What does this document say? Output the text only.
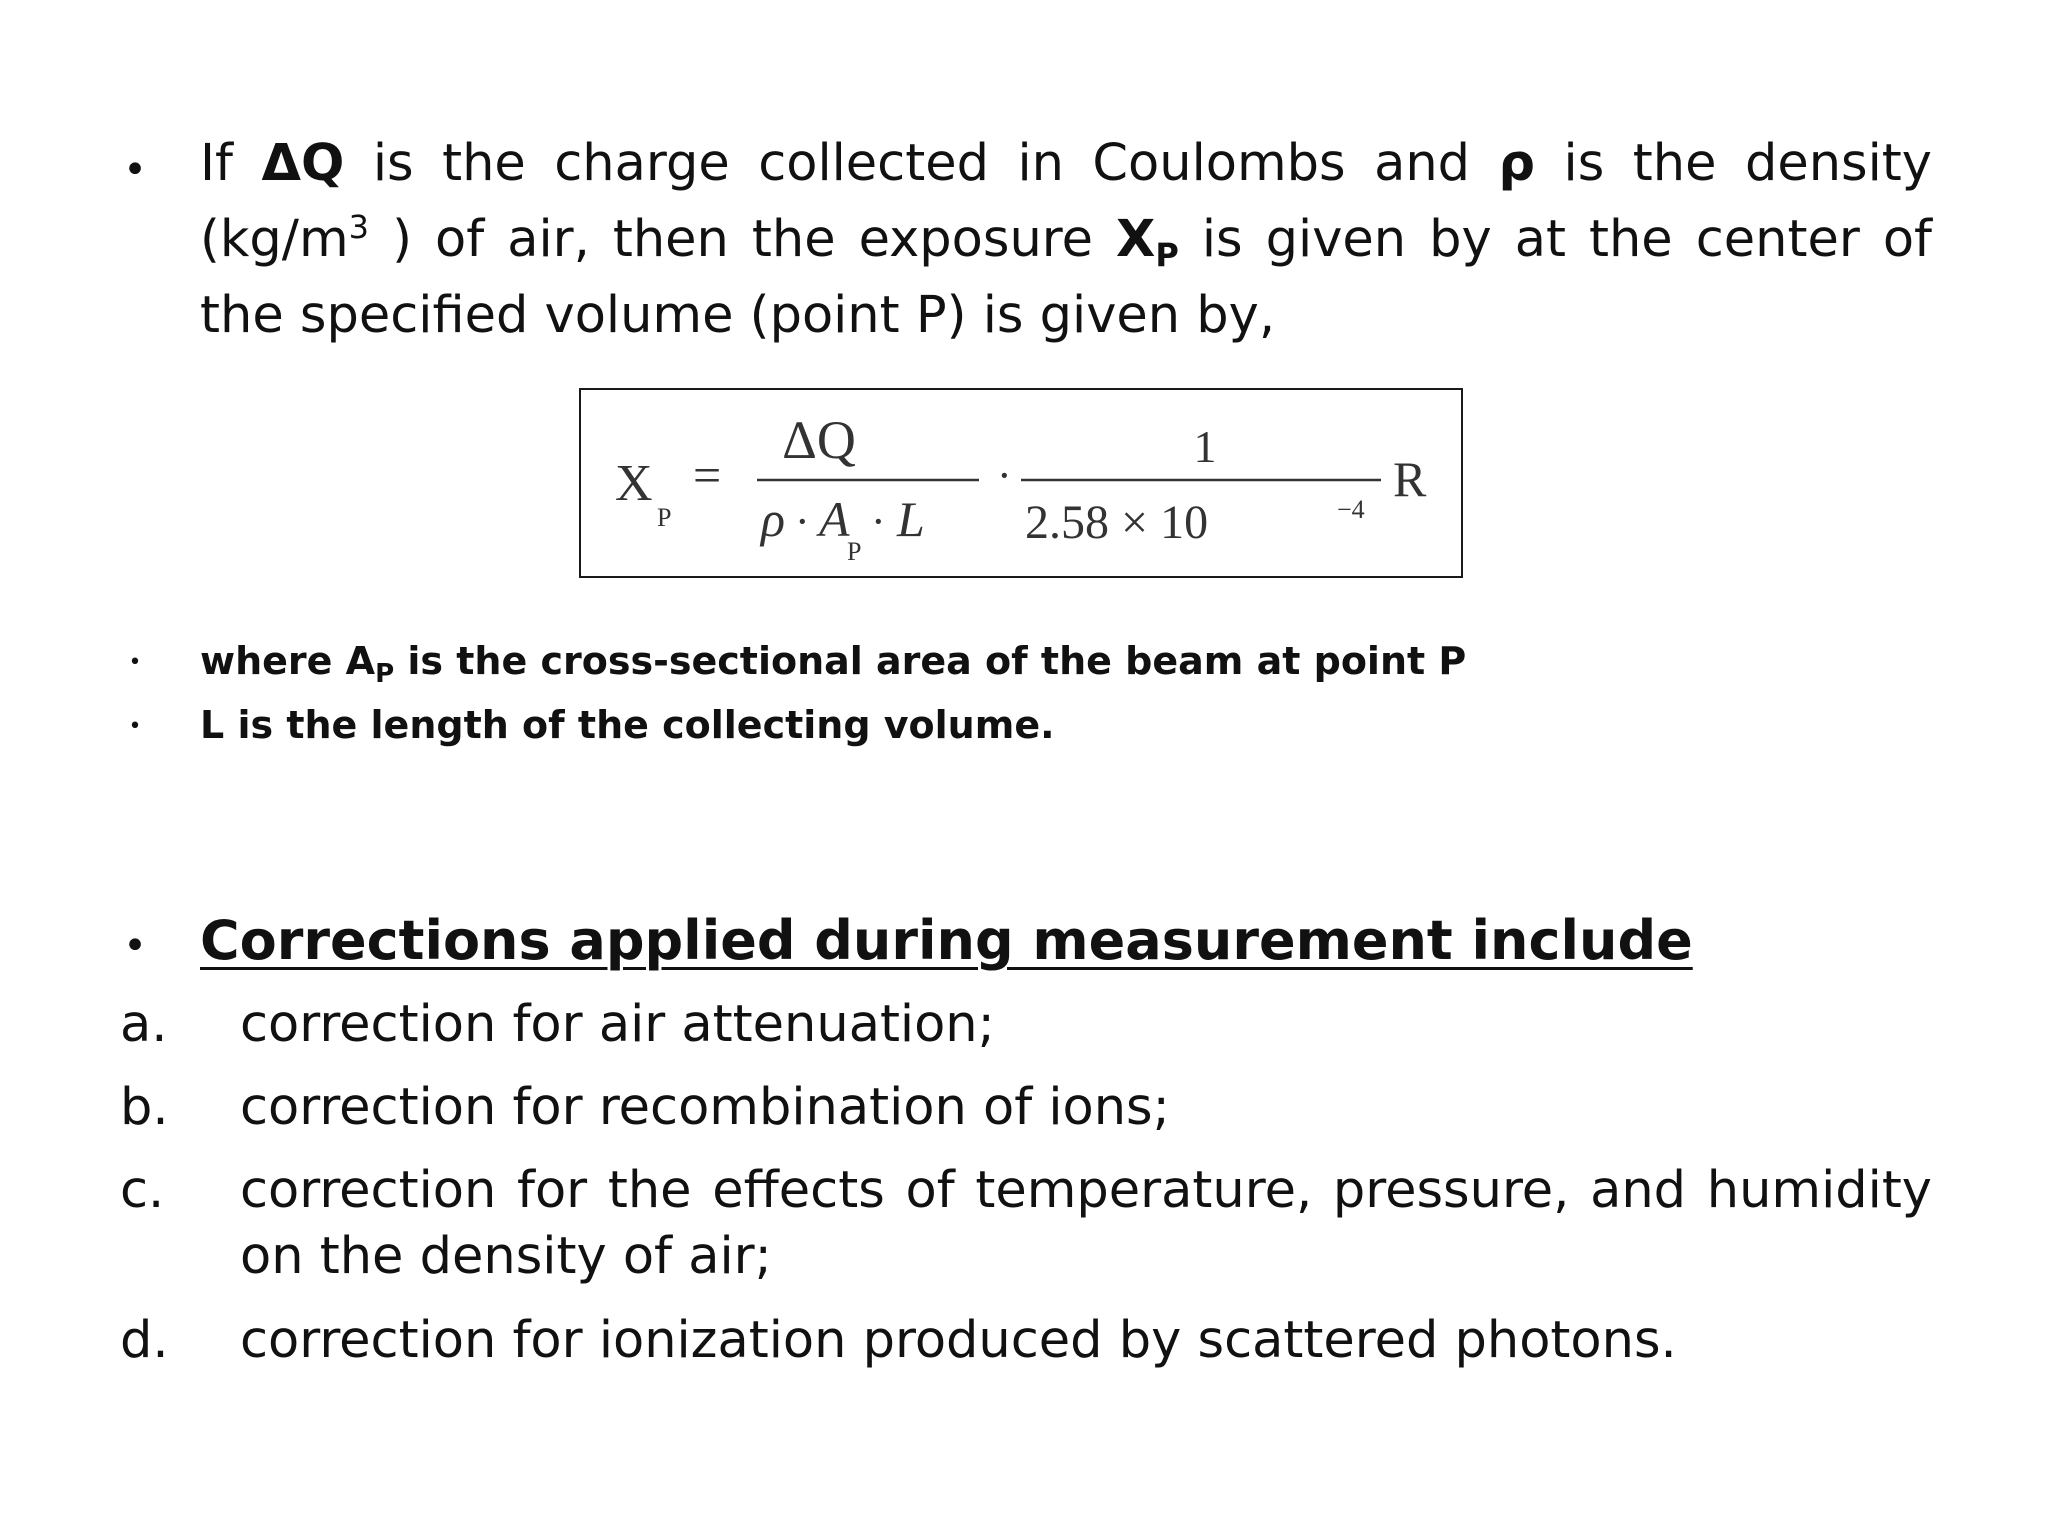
• If ΔQ is the charge collected in Coulombs and ρ is the density ($kg/m^3$ ) of air, then the exposure $X_P$ is given by at the center of the specified volume (point P) is given by,

X
P
=
ΔQ
ρ · A
P
· L
·
1
2.58 × 10	−4
R
• where $A_P$ is the cross-sectional area of the beam at point P

• L is the length of the collecting volume.

• Corrections applied during measurement include

a. correction for air attenuation;
b. correction for recombination of ions;
c. correction for the effects of temperature, pressure, and humidity on the density of air;
d. correction for ionization produced by scattered photons.
